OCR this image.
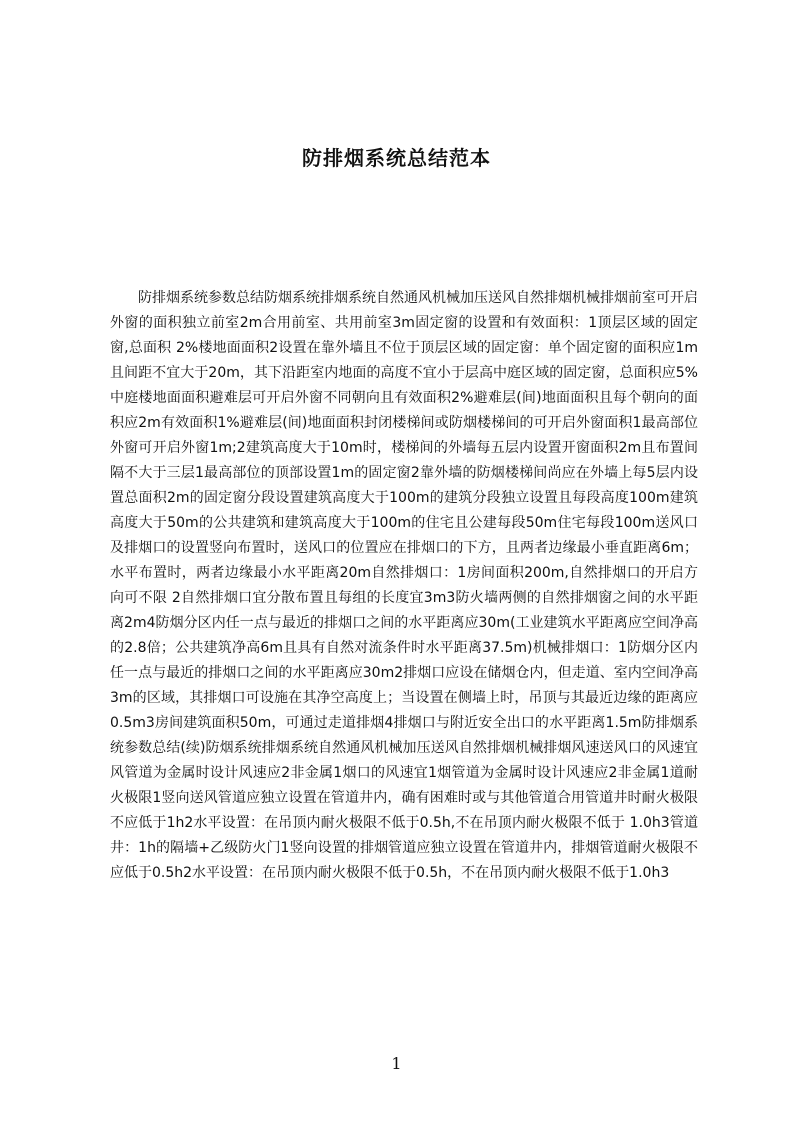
防排烟系统总结范本

防排烟系统参数总结防烟系统排烟系统自然通风机械加压送风自然排烟机械排烟前室可开启外窗的面积独立前室2m合用前室、共用前室3m固定窗的设置和有效面积：1顶层区域的固定窗,总面积 2%楼地面面积2设置在靠外墙且不位于顶层区域的固定窗：单个固定窗的面积应1m且间距不宜大于20m，其下沿距室内地面的高度不宜小于层高中庭区域的固定窗，总面积应5%中庭楼地面面积避难层可开启外窗不同朝向且有效面积2%避难层(间)地面面积且每个朝向的面积应2m有效面积1%避难层(间)地面面积封闭楼梯间或防烟楼梯间的可开启外窗面积1最高部位外窗可开启外窗1m;2建筑高度大于10m时，楼梯间的外墙每五层内设置开窗面积2m且布置间隔不大于三层1最高部位的顶部设置1m的固定窗2靠外墙的防烟楼梯间尚应在外墙上每5层内设置总面积2m的固定窗分段设置建筑高度大于100m的建筑分段独立设置且每段高度100m建筑高度大于50m的公共建筑和建筑高度大于100m的住宅且公建每段50m住宅每段100m送风口及排烟口的设置竖向布置时，送风口的位置应在排烟口的下方，且两者边缘最小垂直距离6m；水平布置时，两者边缘最小水平距离20m自然排烟口：1房间面积200m,自然排烟口的开启方向可不限 2自然排烟口宜分散布置且每组的长度宜3m3防火墙两侧的自然排烟窗之间的水平距离2m4防烟分区内任一点与最近的排烟口之间的水平距离应30m(工业建筑水平距离应空间净高的2.8倍；公共建筑净高6m且具有自然对流条件时水平距离37.5m)机械排烟口：1防烟分区内任一点与最近的排烟口之间的水平距离应30m2排烟口应设在储烟仓内，但走道、室内空间净高3m的区域，其排烟口可设施在其净空高度上；当设置在侧墙上时，吊顶与其最近边缘的距离应0.5m3房间建筑面积50m，可通过走道排烟4排烟口与附近安全出口的水平距离1.5m防排烟系统参数总结(续)防烟系统排烟系统自然通风机械加压送风自然排烟机械排烟风速送风口的风速宜风管道为金属时设计风速应2非金属1烟口的风速宜1烟管道为金属时设计风速应2非金属1道耐火极限1竖向送风管道应独立设置在管道井内，确有困难时或与其他管道合用管道井时耐火极限不应低于1h2水平设置：在吊顶内耐火极限不低于0.5h,不在吊顶内耐火极限不低于 1.0h3管道井：1h的隔墙+乙级防火门1竖向设置的排烟管道应独立设置在管道井内，排烟管道耐火极限不应低于0.5h2水平设置：在吊顶内耐火极限不低于0.5h，不在吊顶内耐火极限不低于1.0h3

1
